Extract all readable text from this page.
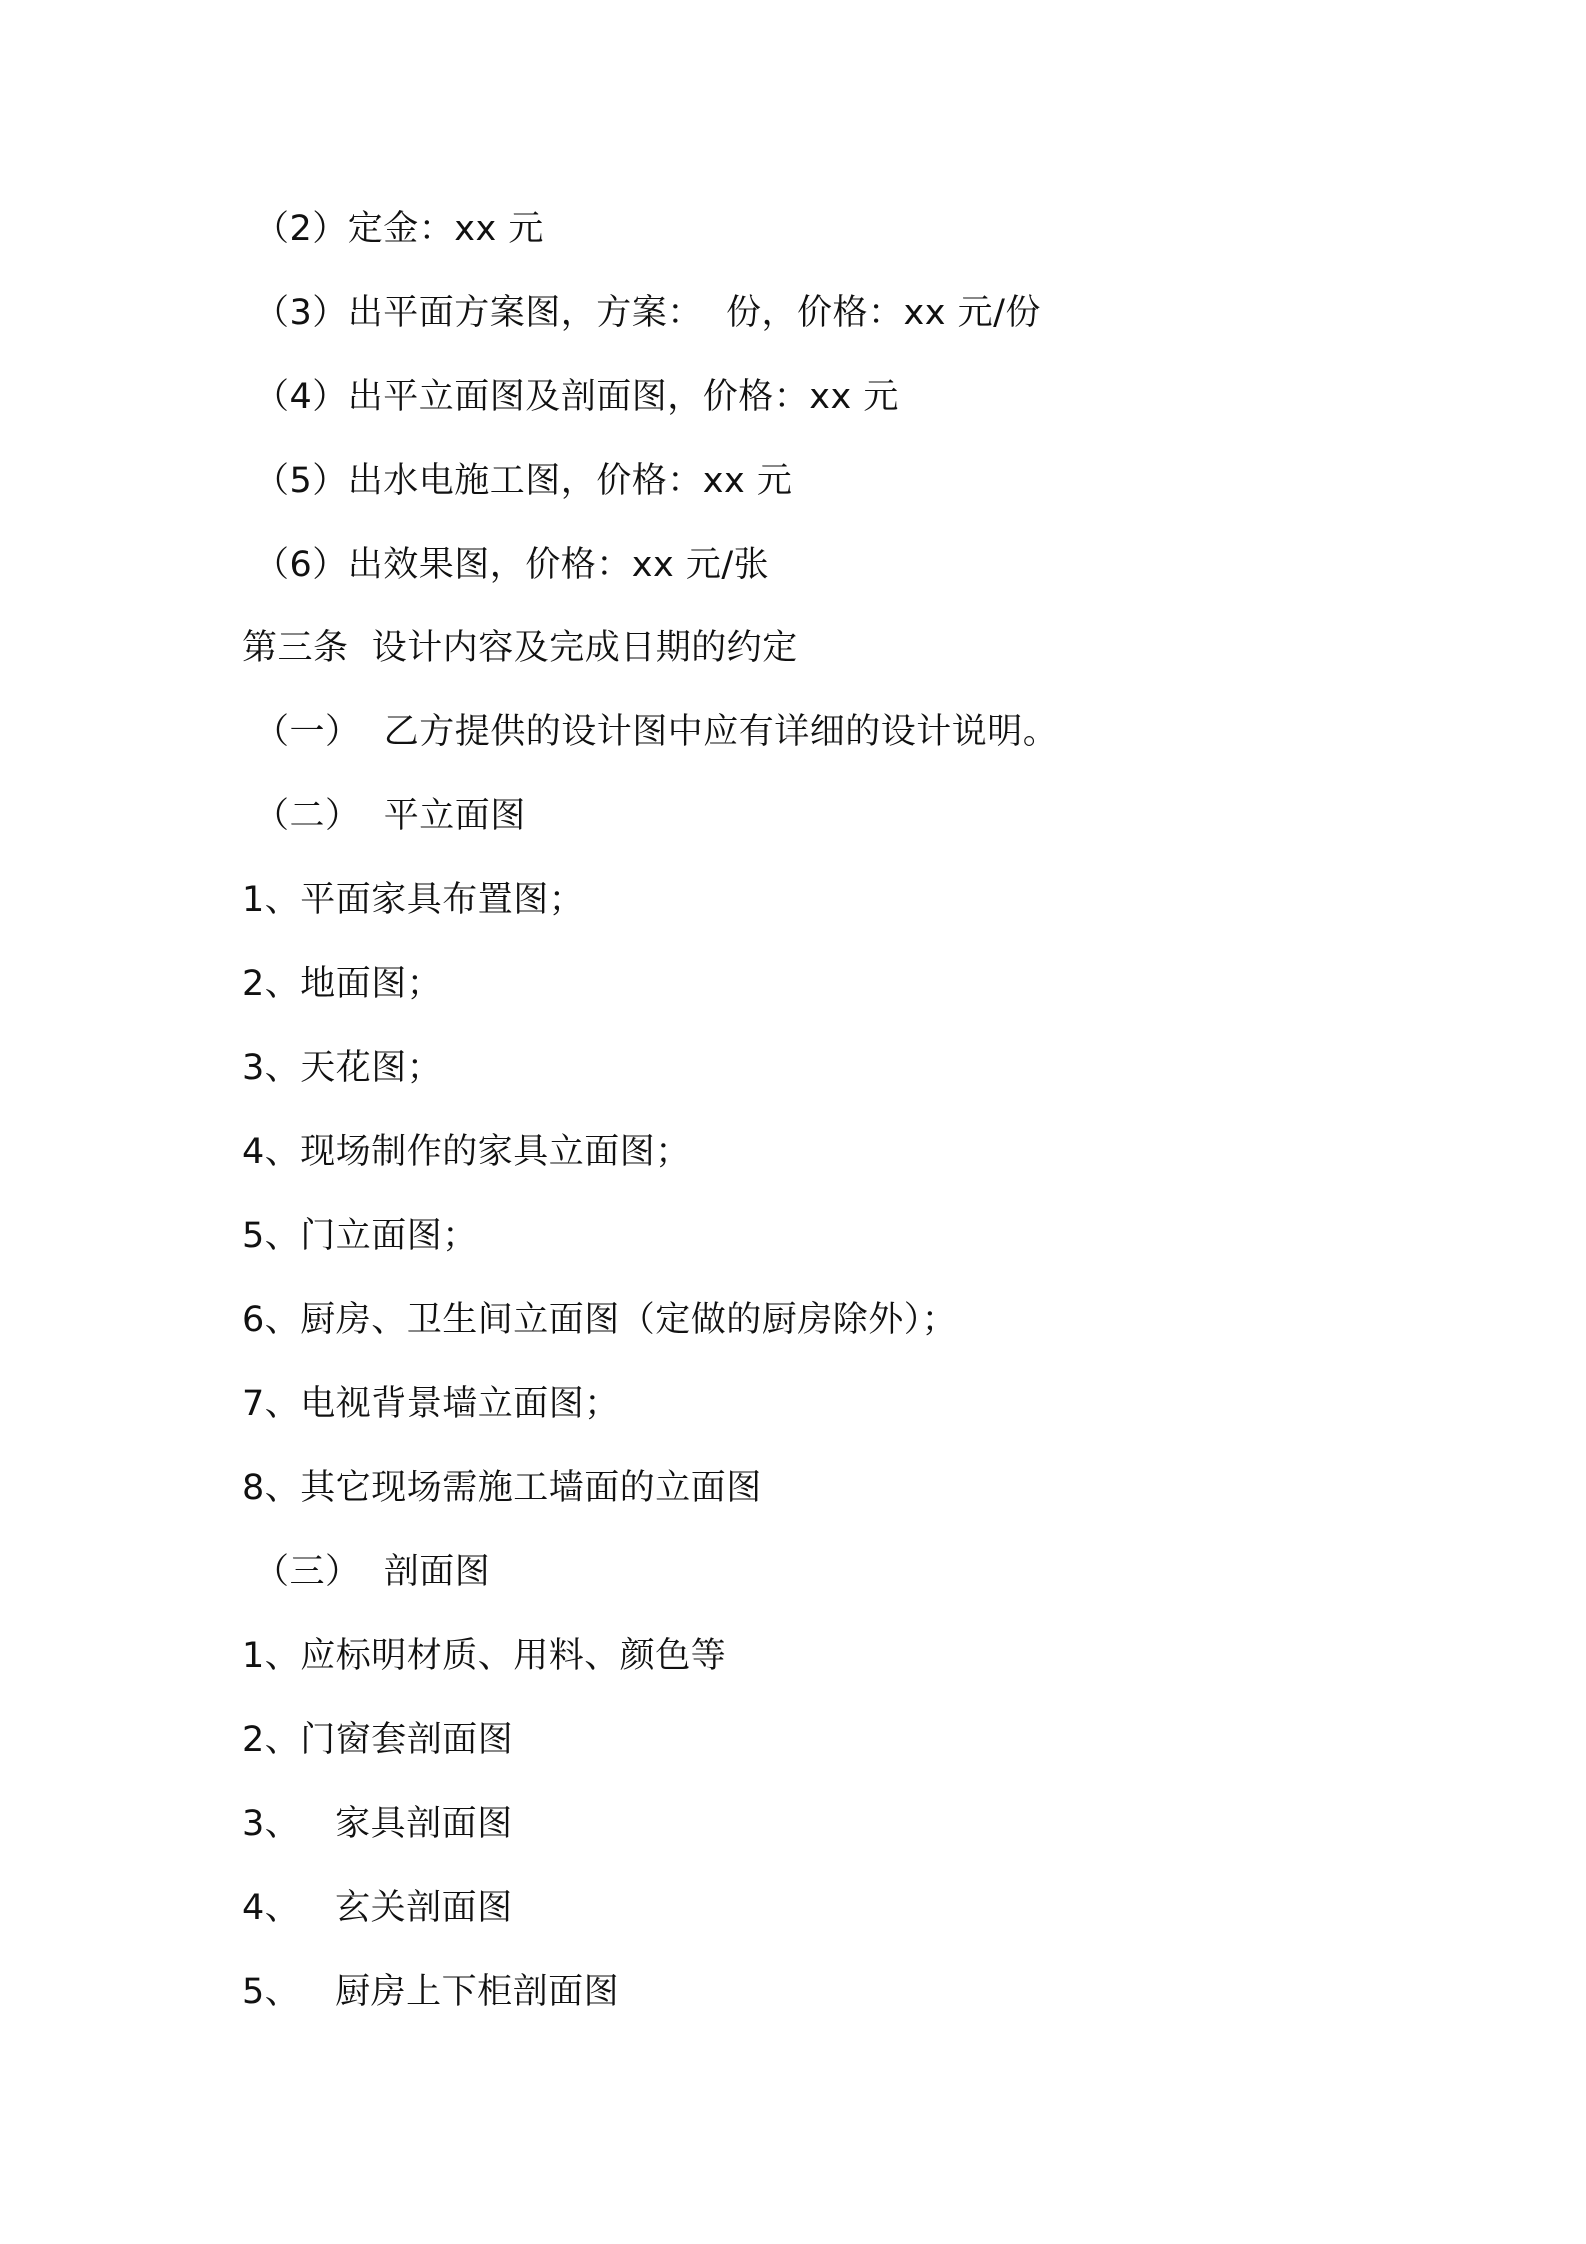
（2）定金：xx 元
（3）出平面方案图，方案：  份，价格：xx 元/份
（4）出平立面图及剖面图，价格：xx 元
（5）出水电施工图，价格：xx 元
（6）出效果图，价格：xx 元/张
第三条  设计内容及完成日期的约定
（一）  乙方提供的设计图中应有详细的设计说明。
（二）  平立面图
1、平面家具布置图；
2、地面图；
3、天花图；
4、现场制作的家具立面图；
5、门立面图；
6、厨房、卫生间立面图（定做的厨房除外）；
7、电视背景墙立面图；
8、其它现场需施工墙面的立面图
（三）  剖面图
1、应标明材质、用料、颜色等
2、门窗套剖面图
3、   家具剖面图
4、   玄关剖面图
5、   厨房上下柜剖面图
